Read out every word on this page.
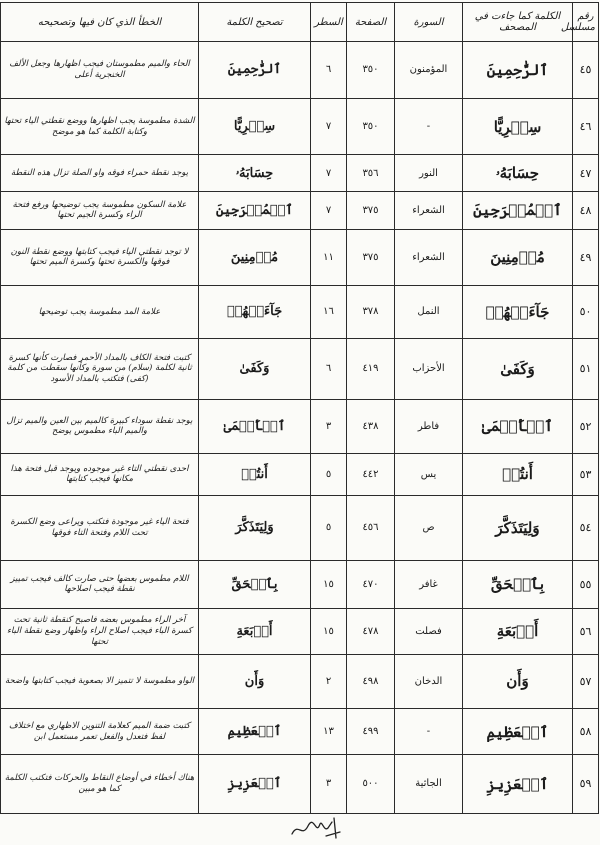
رقم مسلسل	الكلمة كما جاءت في المصحف	السورة	الصفحة	السطر	تصحيح الكلمة	الخطأ الذي كان فيها وتصحيحه
٤٥	ٱلرَّٰحِمِينَ	المؤمنون	٣٥٠	٦	ٱلرَّٰحِمِينَ	الحاء والميم مطموستان فيجب اظهارها وجعل الألف الخنجرية أعلى
٤٦	سِخۡرِيًّا	-	٣٥٠	٧	سِخۡرِيًّا	الشدة مطموسة يجب اظهارها ووضع نقطتي الياء تحتها وكتابة الكلمة كما هو موضح
٤٧	حِسَابَهُۥ	النور	٣٥٦	٧	حِسَابَهُۥ	يوجد نقطة حمراء فوقه واو الصلة تزال هذه النقطة
٤٨	ٱلۡمُخۡرَجِينَ	الشعراء	٣٧٥	٧	ٱلۡمُخۡرَجِينَ	علامة السكون مطموسة يجب توضيحها ورفع فتحة الراء وكسرة الجيم تحتها
٤٩	مُؤۡمِنِينَ	الشعراء	٣٧٥	١١	مُؤۡمِنِينَ	لا توجد نقطتي الياء فيجب كتابتها ووضع نقطة النون فوقها والكسرة تحتها وكسرة الميم تحتها
٥٠	جَآءَتۡهُمۡ	النمل	٣٧٨	١٦	جَآءَتۡهُمۡ	علامة المد مطموسة يجب توضيحها
٥١	وَكَفَىٰ	الأحزاب	٤١٩	٦	وَكَفَىٰ	كتبت فتحة الكاف بالمداد الأحمر فصارت كأنها كسرة ثانية لكلمة (سلام) من سورة وكأنها سقطت من كلمة (كفى) فتكتب بالمداد الأسود
٥٢	ٱلۡأَعۡمَىٰ	فاطر	٤٣٨	٣	ٱلۡأَعۡمَىٰ	يوجد نقطة سوداء كبيرة كالميم بين العين والميم تزال والميم الباء مطموس يوضح
٥٣	أَنتُمۡ	يس	٤٤٢	٥	أَنتُمۡ	احدى نقطتي التاء غير موجوده ويوجد قبل فتحة هذا مكانها فيجب كتابتها
٥٤	وَلِيَتَذَكَّرَ	ص	٤٥٦	٥	وَلِيَتَذَكَّرَ	فتحة الياء غير موجودة فتكتب ويراعى وضع الكسرة تحت اللام وفتحة التاء فوقها
٥٥	بِٱلۡحَقِّ	غافر	٤٧٠	١٥	بِٱلۡحَقِّ	اللام مطموس بعضها حتى صارت كالف فيجب تمييز نقطة فيجب اصلاحها
٥٦	أَرۡبَعَةِ	فصلت	٤٧٨	١٥	أَرۡبَعَةِ	آخر الراء مطموس بعضه فاصبح كنقطة ثانية تحت كسرة الباء فيجب اصلاح الراء واظهار وضع نقطة الباء تحتها
٥٧	وَأَن	الدخان	٤٩٨	٢	وَأَن	الواو مطموسة لا تتميز الا بصعوبة فيجب كتابتها واضحة
٥٨	ٱلۡعَظِيمِ	-	٤٩٩	١٣	ٱلۡعَظِيمِ	كتبت ضمة الميم كعلامة التنوين الاظهاري مع اختلاف لفظ فتعدل والفعل تعمر مستعمل ابن
٥٩	ٱلۡعَزِيزِ	الجاثية	٥٠٠	٣	ٱلۡعَزِيزِ	هناك أخطاء في أوضاع النقاط والحركات فتكتب الكلمة كما هو مبين
